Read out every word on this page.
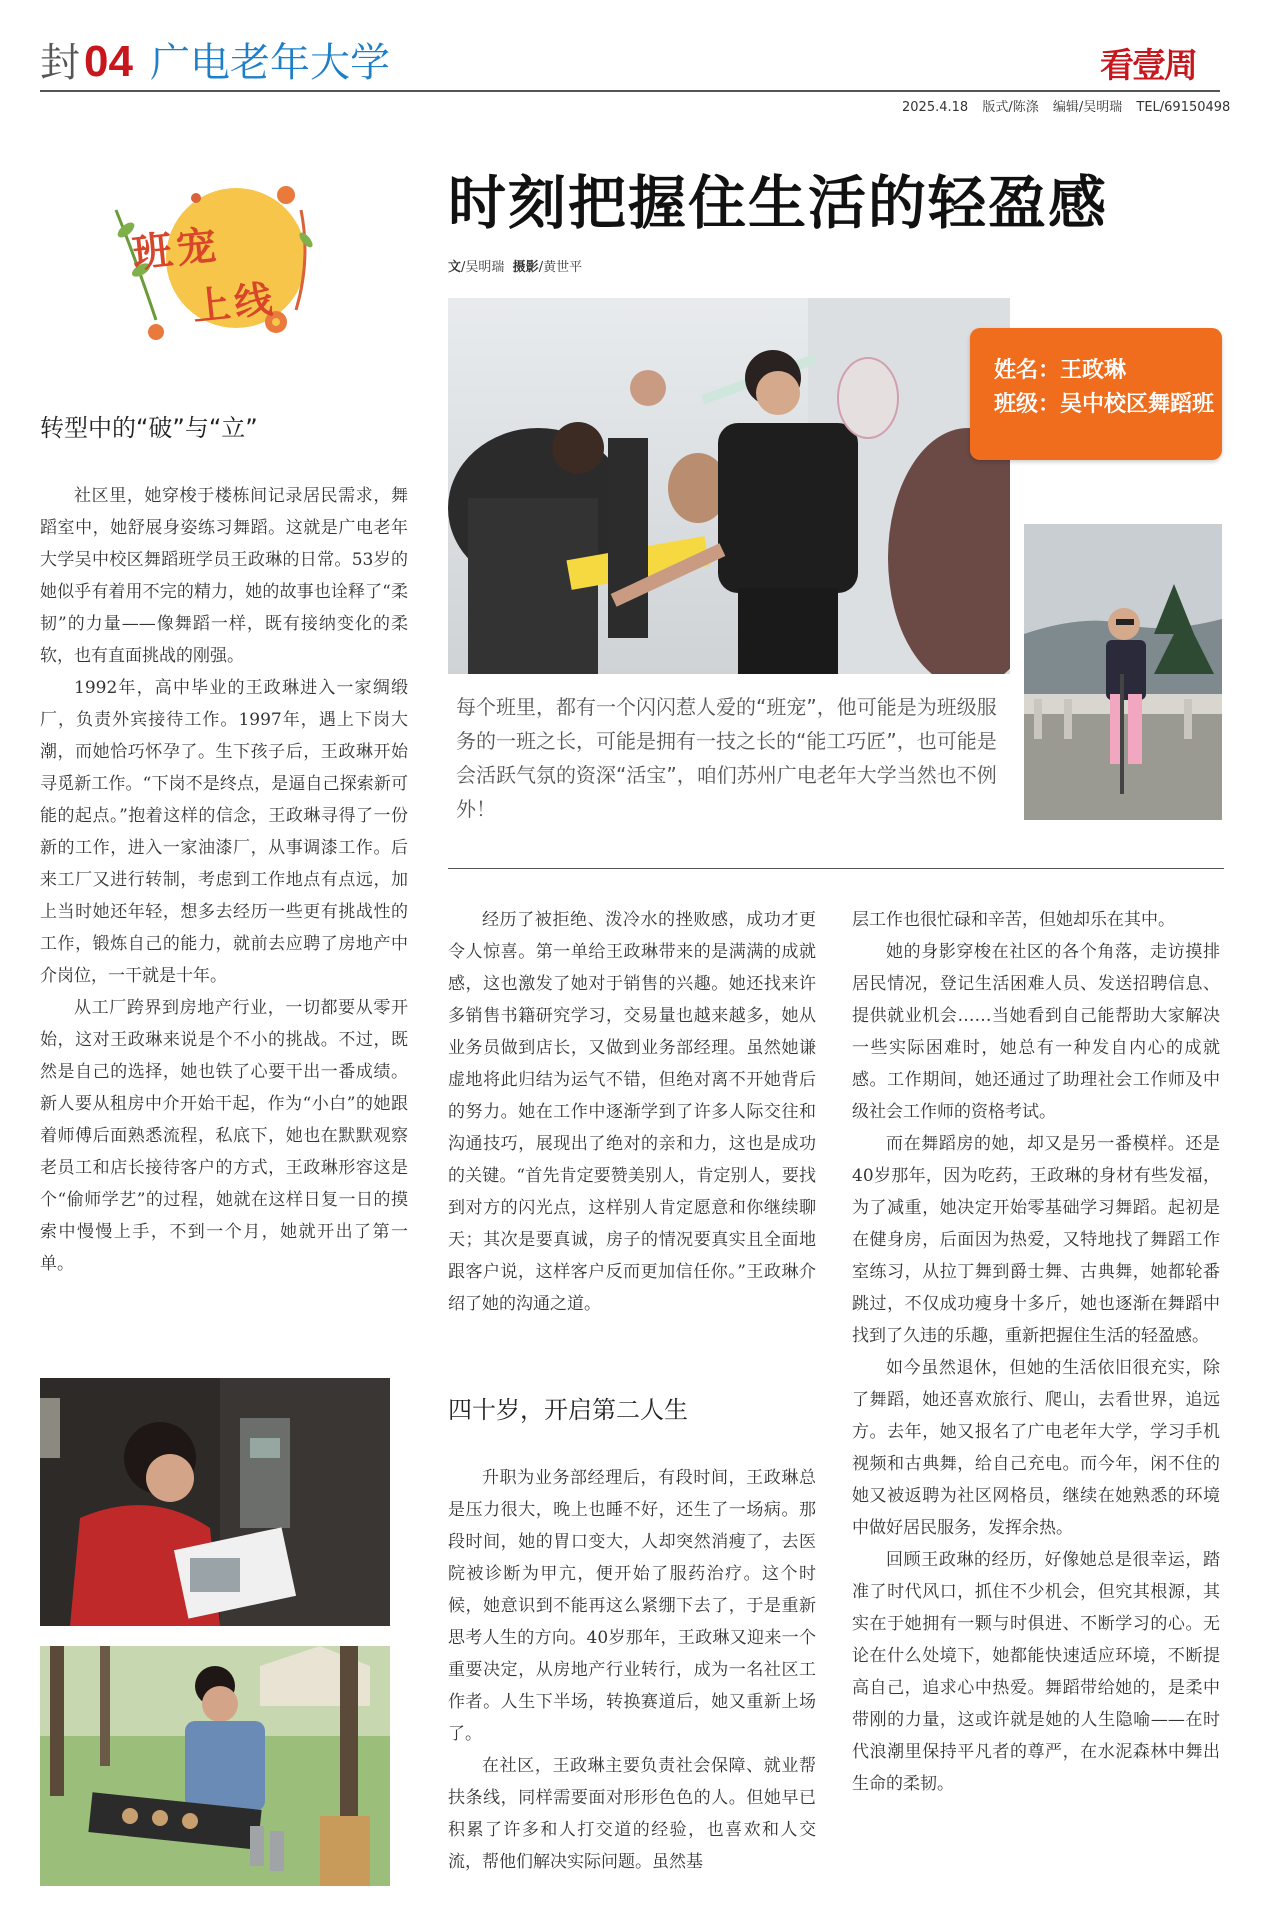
封 04 广电老年大学	看壹周
2025.4.18 版式/陈涤 编辑/吴明瑞 TEL/69150498
班宠
上线
时刻把握住生活的轻盈感
文/吴明瑞 摄影/黄世平
姓名：王政琳
班级：吴中校区舞蹈班
每个班里，都有一个闪闪惹人爱的“班宠”，他可能是为班级服务的一班之长，可能是拥有一技之长的“能工巧匠”，也可能是会活跃气氛的资深“活宝”，咱们苏州广电老年大学当然也不例外！
转型中的“破”与“立”

社区里，她穿梭于楼栋间记录居民需求，舞蹈室中，她舒展身姿练习舞蹈。这就是广电老年大学吴中校区舞蹈班学员王政琳的日常。53岁的她似乎有着用不完的精力，她的故事也诠释了“柔韧”的力量——像舞蹈一样，既有接纳变化的柔软，也有直面挑战的刚强。

1992年，高中毕业的王政琳进入一家绸缎厂，负责外宾接待工作。1997年，遇上下岗大潮，而她恰巧怀孕了。生下孩子后，王政琳开始寻觅新工作。“下岗不是终点，是逼自己探索新可能的起点。”抱着这样的信念，王政琳寻得了一份新的工作，进入一家油漆厂，从事调漆工作。后来工厂又进行转制，考虑到工作地点有点远，加上当时她还年轻，想多去经历一些更有挑战性的工作，锻炼自己的能力，就前去应聘了房地产中介岗位，一干就是十年。

从工厂跨界到房地产行业，一切都要从零开始，这对王政琳来说是个不小的挑战。不过，既然是自己的选择，她也铁了心要干出一番成绩。新人要从租房中介开始干起，作为“小白”的她跟着师傅后面熟悉流程，私底下，她也在默默观察老员工和店长接待客户的方式，王政琳形容这是个“偷师学艺”的过程，她就在这样日复一日的摸索中慢慢上手，不到一个月，她就开出了第一单。

经历了被拒绝、泼冷水的挫败感，成功才更令人惊喜。第一单给王政琳带来的是满满的成就感，这也激发了她对于销售的兴趣。她还找来许多销售书籍研究学习，交易量也越来越多，她从业务员做到店长，又做到业务部经理。虽然她谦虚地将此归结为运气不错，但绝对离不开她背后的努力。她在工作中逐渐学到了许多人际交往和沟通技巧，展现出了绝对的亲和力，这也是成功的关键。“首先肯定要赞美别人，肯定别人，要找到对方的闪光点，这样别人肯定愿意和你继续聊天；其次是要真诚，房子的情况要真实且全面地跟客户说，这样客户反而更加信任你。”王政琳介绍了她的沟通之道。

四十岁，开启第二人生

升职为业务部经理后，有段时间，王政琳总是压力很大，晚上也睡不好，还生了一场病。那段时间，她的胃口变大，人却突然消瘦了，去医院被诊断为甲亢，便开始了服药治疗。这个时候，她意识到不能再这么紧绷下去了，于是重新思考人生的方向。40岁那年，王政琳又迎来一个重要决定，从房地产行业转行，成为一名社区工作者。人生下半场，转换赛道后，她又重新上场了。

在社区，王政琳主要负责社会保障、就业帮扶条线，同样需要面对形形色色的人。但她早已积累了许多和人打交道的经验，也喜欢和人交流，帮他们解决实际问题。虽然基

层工作也很忙碌和辛苦，但她却乐在其中。

她的身影穿梭在社区的各个角落，走访摸排居民情况，登记生活困难人员、发送招聘信息、提供就业机会……当她看到自己能帮助大家解决一些实际困难时，她总有一种发自内心的成就感。工作期间，她还通过了助理社会工作师及中级社会工作师的资格考试。

而在舞蹈房的她，却又是另一番模样。还是40岁那年，因为吃药，王政琳的身材有些发福，为了减重，她决定开始零基础学习舞蹈。起初是在健身房，后面因为热爱，又特地找了舞蹈工作室练习，从拉丁舞到爵士舞、古典舞，她都轮番跳过，不仅成功瘦身十多斤，她也逐渐在舞蹈中找到了久违的乐趣，重新把握住生活的轻盈感。

如今虽然退休，但她的生活依旧很充实，除了舞蹈，她还喜欢旅行、爬山，去看世界，追远方。去年，她又报名了广电老年大学，学习手机视频和古典舞，给自己充电。而今年，闲不住的她又被返聘为社区网格员，继续在她熟悉的环境中做好居民服务，发挥余热。

回顾王政琳的经历，好像她总是很幸运，踏准了时代风口，抓住不少机会，但究其根源，其实在于她拥有一颗与时俱进、不断学习的心。无论在什么处境下，她都能快速适应环境，不断提高自己，追求心中热爱。舞蹈带给她的，是柔中带刚的力量，这或许就是她的人生隐喻——在时代浪潮里保持平凡者的尊严，在水泥森林中舞出生命的柔韧。
